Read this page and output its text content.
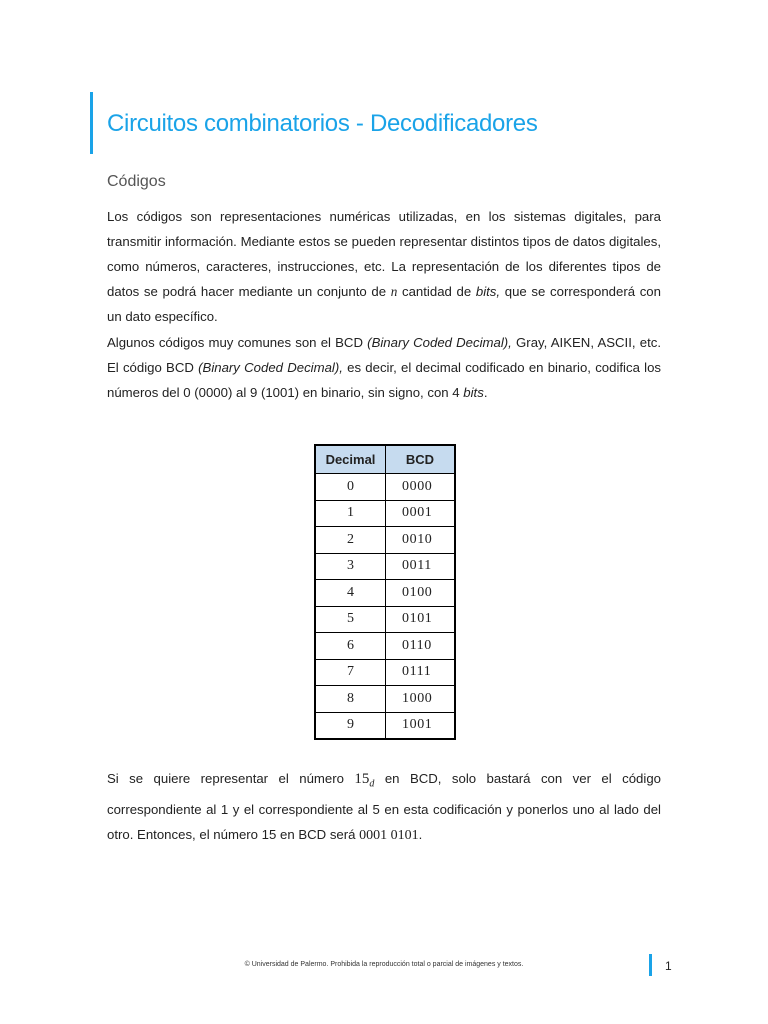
Circuitos combinatorios - Decodificadores
Códigos

Los códigos son representaciones numéricas utilizadas, en los sistemas digitales, para transmitir información. Mediante estos se pueden representar distintos tipos de datos digitales, como números, caracteres, instrucciones, etc. La representación de los diferentes tipos de datos se podrá hacer mediante un conjunto de n cantidad de bits, que se corresponderá con un dato específico.

Algunos códigos muy comunes son el BCD (Binary Coded Decimal), Gray, AIKEN, ASCII, etc. El código BCD (Binary Coded Decimal), es decir, el decimal codificado en binario, codifica los números del 0 (0000) al 9 (1001) en binario, sin signo, con 4 bits.

Decimal	BCD
0	0000
1	0001
2	0010
3	0011
4	0100
5	0101
6	0110
7	0111
8	1000
9	1001

Si se quiere representar el número $15_d$ en BCD, solo bastará con ver el código correspondiente al 1 y el correspondiente al 5 en esta codificación y ponerlos uno al lado del otro. Entonces, el número 15 en BCD será 0001 0101.

© Universidad de Palermo. Prohibida la reproducción total o parcial de imágenes y textos.	1
